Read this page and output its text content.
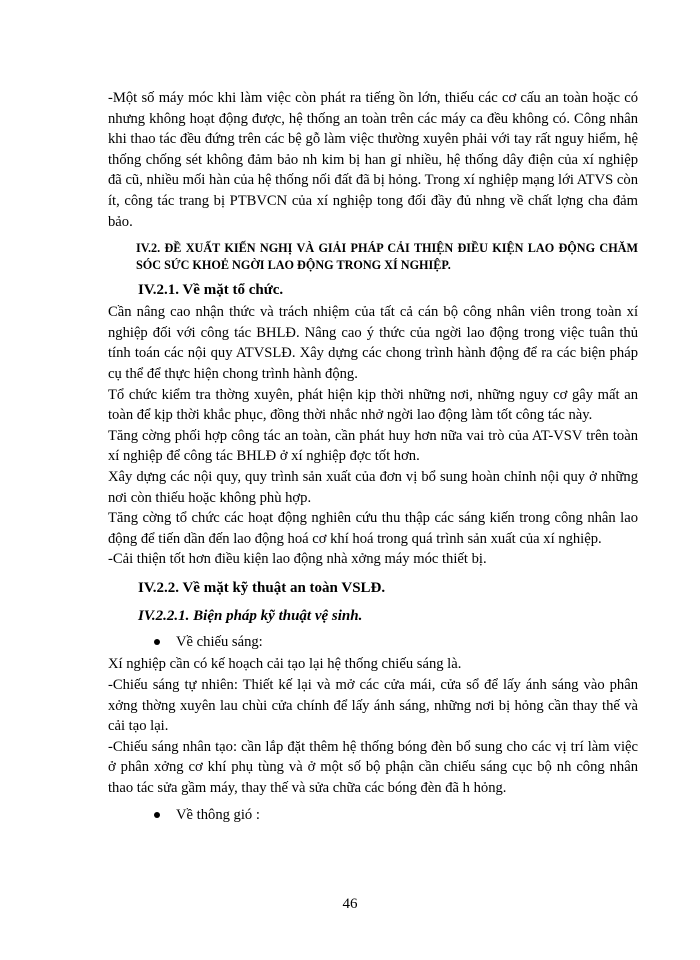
-Một số máy móc khi làm việc còn phát ra tiếng ồn lớn, thiếu các cơ cấu an toàn hoặc có nhưng không hoạt động được, hệ thống an toàn trên các máy ca đều không có. Công nhân khi thao tác đều đứng trên các bệ gỗ làm việc thường xuyên phải với tay rất nguy hiểm, hệ thống chống sét không đảm bảo nh kim bị han gỉ nhiều, hệ thống dây điện của xí nghiệp đã cũ, nhiều mối hàn của hệ thống nối đất đã bị hỏng. Trong xí nghiệp mạng lới ATVS còn ít, công tác trang bị PTBVCN của xí nghiệp tong đối đầy đủ nhng về chất lợng cha đảm bảo.

IV.2. ĐỀ XUẤT KIẾN NGHỊ VÀ GIẢI PHÁP CẢI THIỆN ĐIỀU KIỆN LAO ĐỘNG CHĂM SÓC SỨC KHOẺ NGỜI LAO ĐỘNG TRONG XÍ NGHIỆP.

IV.2.1. Về mặt tổ chức.

Cần nâng cao nhận thức và trách nhiệm của tất cả cán bộ công nhân viên trong toàn xí nghiệp đối với công tác BHLĐ. Nâng cao ý thức của ngời lao động trong việc tuân thủ tính toán các nội quy ATVSLĐ. Xây dựng các chong trình hành động để ra các biện pháp cụ thể để thực hiện chong trình hành động.

Tổ chức kiểm tra thờng xuyên, phát hiện kịp thời những nơi, những nguy cơ gây mất an toàn để kịp thời khắc phục, đồng thời nhắc nhở ngời lao động làm tốt công tác này.

Tăng cờng phối hợp công tác an toàn, cần phát huy hơn nữa vai trò của AT-VSV trên toàn xí nghiệp để công tác BHLĐ ở xí nghiệp đợc tốt hơn.

Xây dựng các nội quy, quy trình sản xuất của đơn vị bổ sung hoàn chỉnh nội quy ở những nơi còn thiếu hoặc không phù hợp.

Tăng cờng tổ chức các hoạt động nghiên cứu thu thập các sáng kiến trong công nhân lao động để tiến dần đến lao động hoá cơ khí hoá trong quá trình sản xuất của xí nghiệp.

-Cải thiện tốt hơn điều kiện lao động nhà xởng máy móc thiết bị.

IV.2.2. Về mặt kỹ thuật an toàn VSLĐ.

IV.2.2.1. Biện pháp kỹ thuật vệ sinh.

Về chiếu sáng:

Xí nghiệp cần có kế hoạch cải tạo lại hệ thống chiếu sáng là.

-Chiếu sáng tự nhiên: Thiết kế lại và mở các cửa mái, cửa sổ để lấy ánh sáng vào phân xởng thờng xuyên lau chùi cửa chính để lấy ánh sáng, những nơi bị hỏng cần thay thế và cải tạo lại.

-Chiếu sáng nhân tạo: cần lắp đặt thêm hệ thống bóng đèn bổ sung cho các vị trí làm việc ở phân xởng cơ khí phụ tùng và ở một số bộ phận cần chiếu sáng cục bộ nh công nhân thao tác sửa gầm máy, thay thế và sửa chữa các bóng đèn đã h hỏng.

Về thông gió :
46
